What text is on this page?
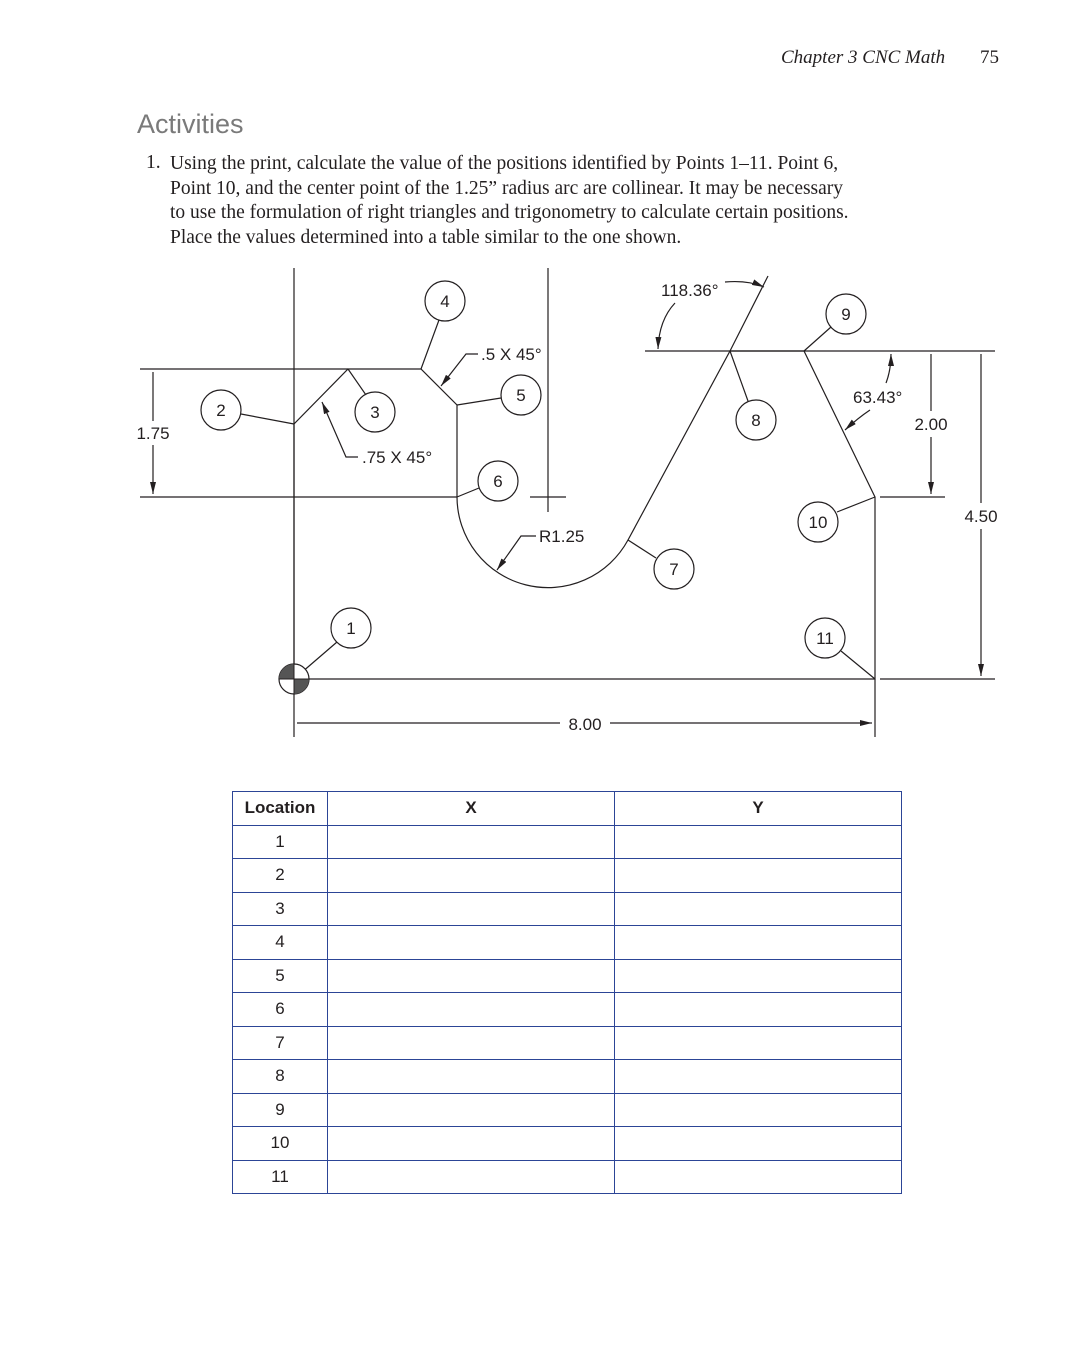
Chapter 3 CNC Math 75
Activities
1. Using the print, calculate the value of the positions identified by Points 1–11. Point 6,
Point 10, and the center point of the 1.25” radius arc are collinear. It may be necessary
to use the formulation of right triangles and trigonometry to calculate certain positions.
Place the values determined into a table similar to the one shown.
1
2	3
4
5
6
7
8
9
10
11
1.75	2.00
4.50
8.00
.5 X 45°
.75 X 45°
R1.25
118.36°
63.43°
Location	X	Y
1		
2		
3		
4		
5		
6		
7		
8		
9		
10		
11		
